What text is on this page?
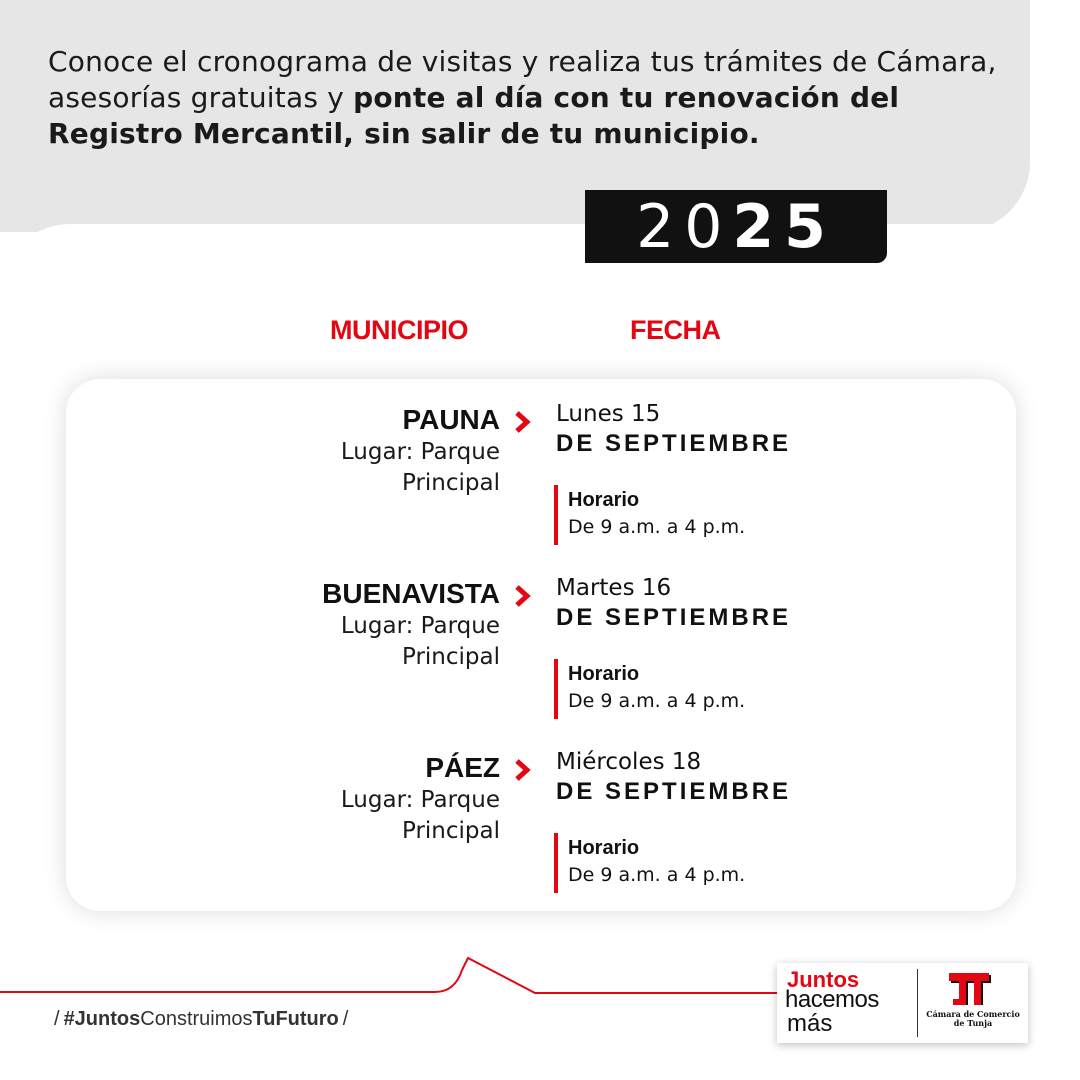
Conoce el cronograma de visitas y realiza tus trámites de Cámara, asesorías gratuitas y ponte al día con tu renovación del Registro Mercantil, sin salir de tu municipio.

20 25
MUNICIPIO	FECHA
PAUNA
Lugar: Parque Principal
Lunes 15
DE SEPTIEMBRE
Horario
De 9 a.m. a 4 p.m.
BUENAVISTA
Lugar: Parque Principal
Martes 16
DE SEPTIEMBRE
Horario
De 9 a.m. a 4 p.m.
PÁEZ
Lugar: Parque Principal
Miércoles 18
DE SEPTIEMBRE
Horario
De 9 a.m. a 4 p.m.
/ #JuntosConstruimosTuFuturo /
Juntos
hacemos
más	Cámara de Comercio de Tunja
